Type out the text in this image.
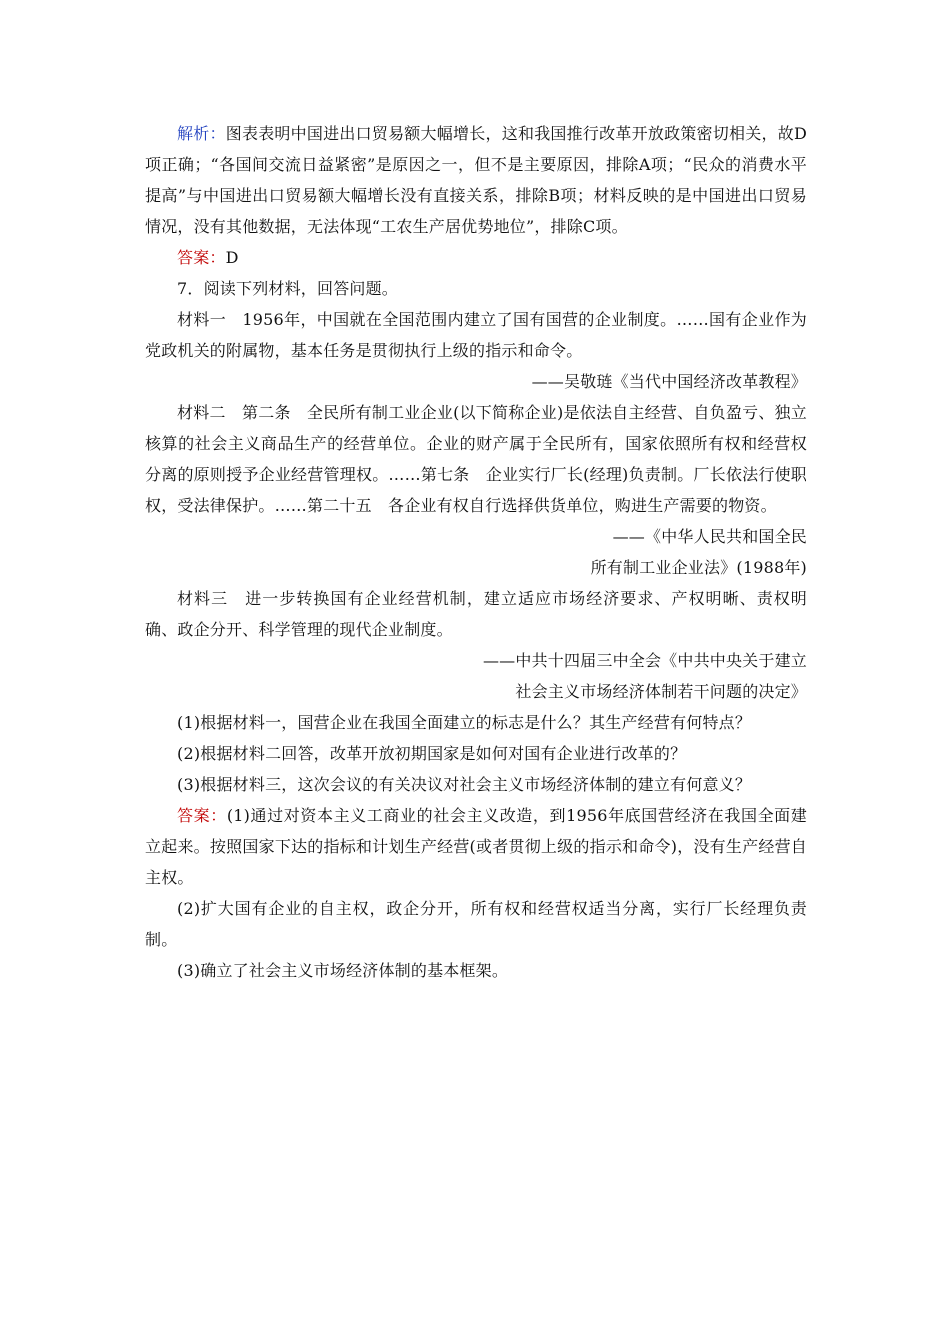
解析：图表表明中国进出口贸易额大幅增长，这和我国推行改革开放政策密切相关，故D项正确；“各国间交流日益紧密”是原因之一，但不是主要原因，排除A项；“民众的消费水平提高”与中国进出口贸易额大幅增长没有直接关系，排除B项；材料反映的是中国进出口贸易情况，没有其他数据，无法体现“工农生产居优势地位”，排除C项。

答案：D

7．阅读下列材料，回答问题。

材料一　 1956年，中国就在全国范围内建立了国有国营的企业制度。……国有企业作为党政机关的附属物，基本任务是贯彻执行上级的指示和命令。

——吴敬琏《当代中国经济改革教程》

材料二　 第二条　全民所有制工业企业(以下简称企业)是依法自主经营、自负盈亏、独立核算的社会主义商品生产的经营单位。企业的财产属于全民所有，国家依照所有权和经营权分离的原则授予企业经营管理权。……第七条　企业实行厂长(经理)负责制。厂长依法行使职权，受法律保护。……第二十五　各企业有权自行选择供货单位，购进生产需要的物资。

——《中华人民共和国全民

所有制工业企业法》(1988年)

材料三　 进一步转换国有企业经营机制，建立适应市场经济要求、产权明晰、责权明确、政企分开、科学管理的现代企业制度。

——中共十四届三中全会《中共中央关于建立

社会主义市场经济体制若干问题的决定》

(1)根据材料一，国营企业在我国全面建立的标志是什么？其生产经营有何特点？

(2)根据材料二回答，改革开放初期国家是如何对国有企业进行改革的？

(3)根据材料三，这次会议的有关决议对社会主义市场经济体制的建立有何意义？

答案：(1)通过对资本主义工商业的社会主义改造，到1956年底国营经济在我国全面建立起来。按照国家下达的指标和计划生产经营(或者贯彻上级的指示和命令)，没有生产经营自主权。

(2)扩大国有企业的自主权，政企分开，所有权和经营权适当分离，实行厂长经理负责制。

(3)确立了社会主义市场经济体制的基本框架。
